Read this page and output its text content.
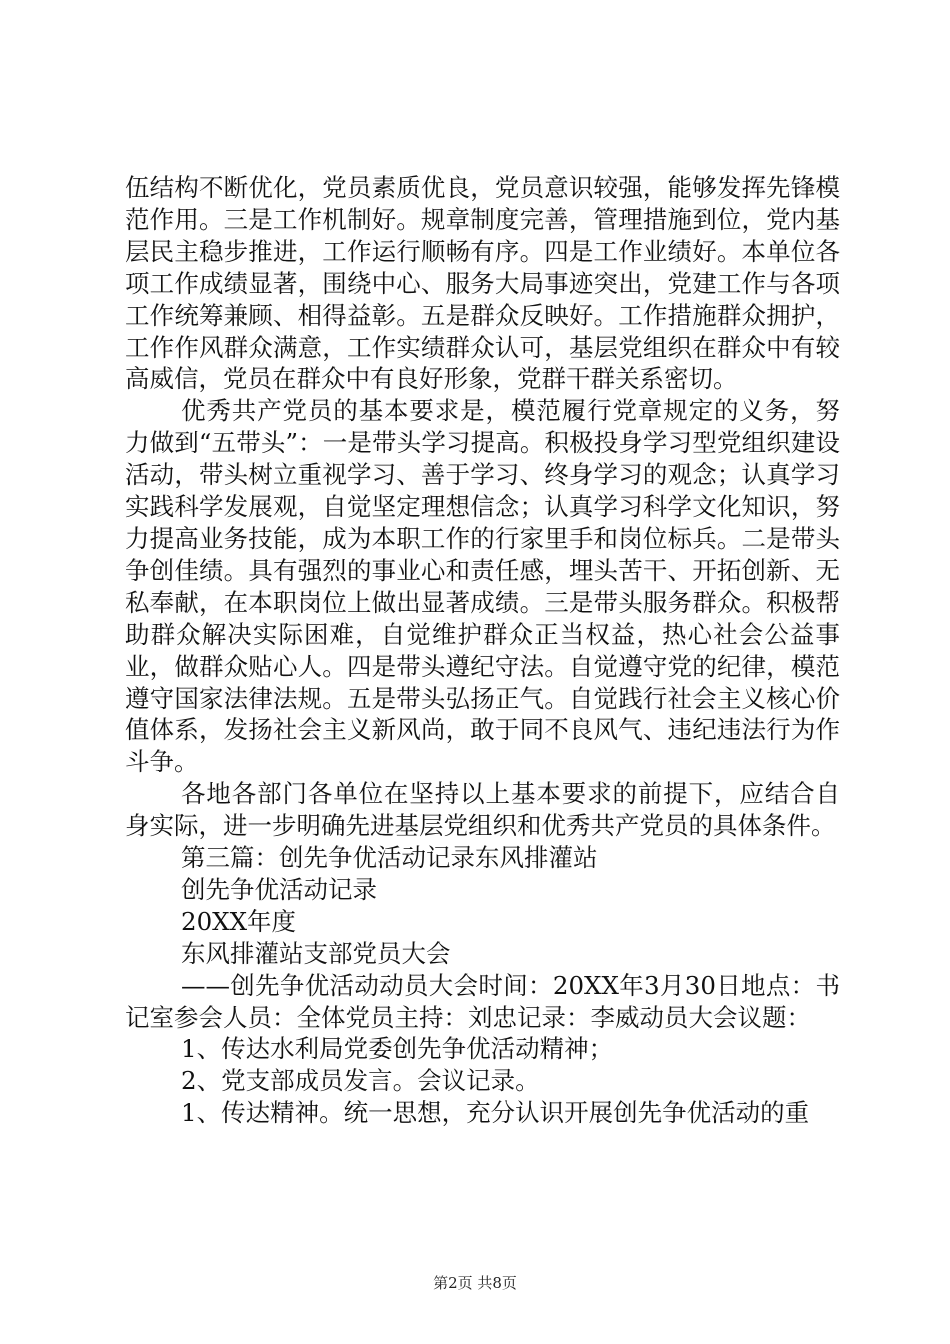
伍结构不断优化，党员素质优良，党员意识较强，能够发挥先锋模范作用。三是工作机制好。规章制度完善，管理措施到位，党内基层民主稳步推进，工作运行顺畅有序。四是工作业绩好。本单位各项工作成绩显著，围绕中心、服务大局事迹突出，党建工作与各项工作统筹兼顾、相得益彰。五是群众反映好。工作措施群众拥护，工作作风群众满意，工作实绩群众认可，基层党组织在群众中有较高威信，党员在群众中有良好形象，党群干群关系密切。

优秀共产党员的基本要求是，模范履行党章规定的义务，努力做到“五带头”：一是带头学习提高。积极投身学习型党组织建设活动，带头树立重视学习、善于学习、终身学习的观念；认真学习实践科学发展观，自觉坚定理想信念；认真学习科学文化知识，努力提高业务技能，成为本职工作的行家里手和岗位标兵。二是带头争创佳绩。具有强烈的事业心和责任感，埋头苦干、开拓创新、无私奉献，在本职岗位上做出显著成绩。三是带头服务群众。积极帮助群众解决实际困难，自觉维护群众正当权益，热心社会公益事业，做群众贴心人。四是带头遵纪守法。自觉遵守党的纪律，模范遵守国家法律法规。五是带头弘扬正气。自觉践行社会主义核心价值体系，发扬社会主义新风尚，敢于同不良风气、违纪违法行为作斗争。

各地各部门各单位在坚持以上基本要求的前提下，应结合自身实际，进一步明确先进基层党组织和优秀共产党员的具体条件。

第三篇：创先争优活动记录东风排灌站

创先争优活动记录

20XX年度

东风排灌站支部党员大会

——创先争优活动动员大会时间：20XX年3月30日地点：书记室参会人员：全体党员主持：刘忠记录：李威动员大会议题：

1、传达水利局党委创先争优活动精神；

2、党支部成员发言。会议记录。

1、传达精神。统一思想，充分认识开展创先争优活动的重

第2页 共8页
